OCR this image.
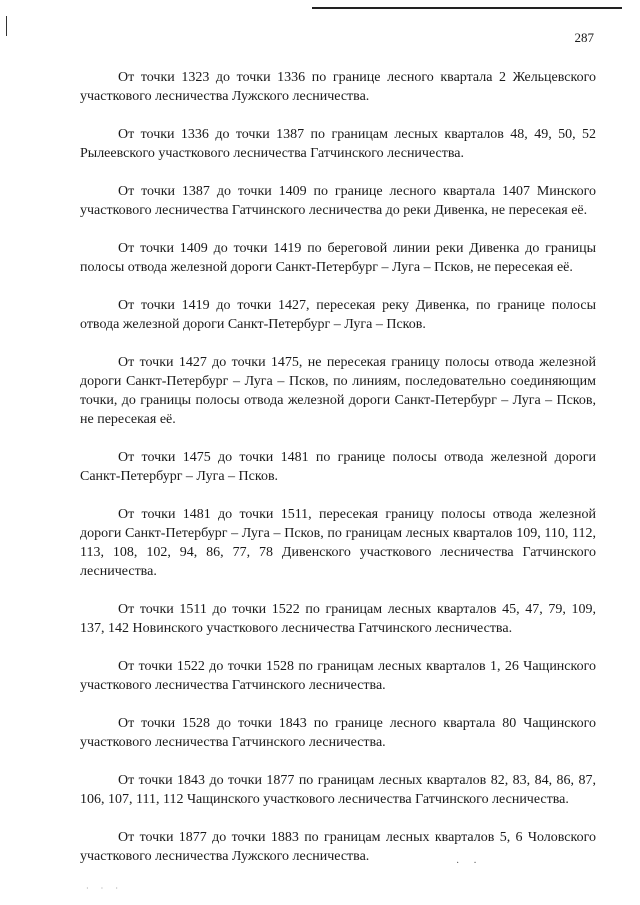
287

От точки 1323 до точки 1336 по границе лесного квартала 2 Жельцевского участкового лесничества Лужского лесничества.

От точки 1336 до точки 1387 по границам лесных кварталов 48, 49, 50, 52 Рылеевского участкового лесничества Гатчинского лесничества.

От точки 1387 до точки 1409 по границе лесного квартала 1407 Минского участкового лесничества Гатчинского лесничества до реки Дивенка, не пересекая её.

От точки 1409 до точки 1419 по береговой линии реки Дивенка до границы полосы отвода железной дороги Санкт-Петербург – Луга – Псков, не пересекая её.

От точки 1419 до точки 1427, пересекая реку Дивенка, по границе полосы отвода железной дороги Санкт-Петербург – Луга – Псков.

От точки 1427 до точки 1475, не пересекая границу полосы отвода железной дороги Санкт-Петербург – Луга – Псков, по линиям, последовательно соединяющим точки, до границы полосы отвода железной дороги Санкт-Петербург – Луга – Псков, не пересекая её.

От точки 1475 до точки 1481 по границе полосы отвода железной дороги Санкт-Петербург – Луга – Псков.

От точки 1481 до точки 1511, пересекая границу полосы отвода железной дороги Санкт-Петербург – Луга – Псков, по границам лесных кварталов 109, 110, 112, 113, 108, 102, 94, 86, 77, 78 Дивенского участкового лесничества Гатчинского лесничества.

От точки 1511 до точки 1522 по границам лесных кварталов 45, 47, 79, 109, 137, 142 Новинского участкового лесничества Гатчинского лесничества.

От точки 1522 до точки 1528 по границам лесных кварталов 1, 26 Чащинского участкового лесничества Гатчинского лесничества.

От точки 1528 до точки 1843 по границе лесного квартала 80 Чащинского участкового лесничества Гатчинского лесничества.

От точки 1843 до точки 1877 по границам лесных кварталов 82, 83, 84, 86, 87, 106, 107, 111, 112 Чащинского участкового лесничества Гатчинского лесничества.

От точки 1877 до точки 1883 по границам лесных кварталов 5, 6 Чоловского участкового лесничества Лужского лесничества.	·​·
·​·​·
